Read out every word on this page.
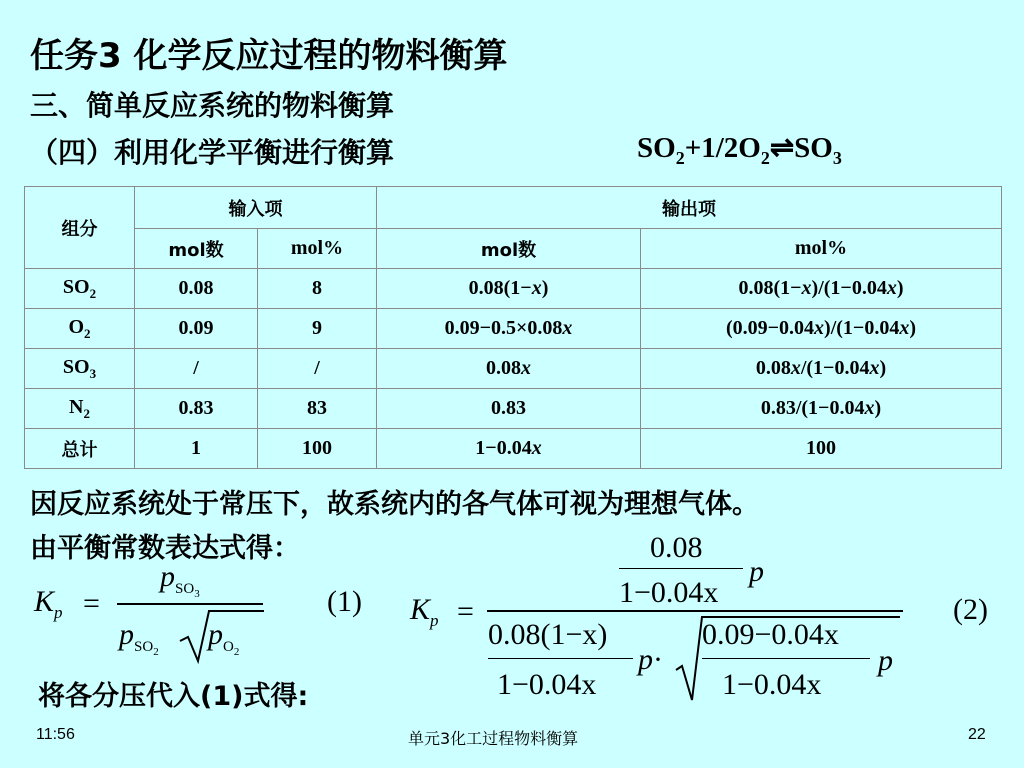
任务3 化学反应过程的物料衡算
三、简单反应系统的物料衡算
（四）利用化学平衡进行衡算	$SO_2+1/2O_2\rightleftharpoons SO_3$
组分	输入项		输出项	
	mol数	mol%	mol数	mol%
$SO_2$	0.08	8	0.08(1−x)	0.08(1−x)/(1−0.04x)
$O_2$	0.09	9	0.09−0.5×0.08x	(0.09−0.04x)/(1−0.04x)
$SO_3$	/	/	0.08x	0.08x/(1−0.04x)
$N_2$	0.83	83	0.83	0.83/(1−0.04x)
总计	1	100	1−0.04x	100
因反应系统处于常压下，故系统内的各气体可视为理想气体。
由平衡常数表达式得：
$K_p$ =
$p_{SO_3}$
$p_{SO_2}$
$p_{O_2}$
(1) $K_p$ =
0.08
1−0.04x
p
0.08(1−x)
1−0.04x
p·
0.09−0.04x
1−0.04x
p
(2)
将各分压代入(1)式得:
11:56	单元3化工过程物料衡算	22
